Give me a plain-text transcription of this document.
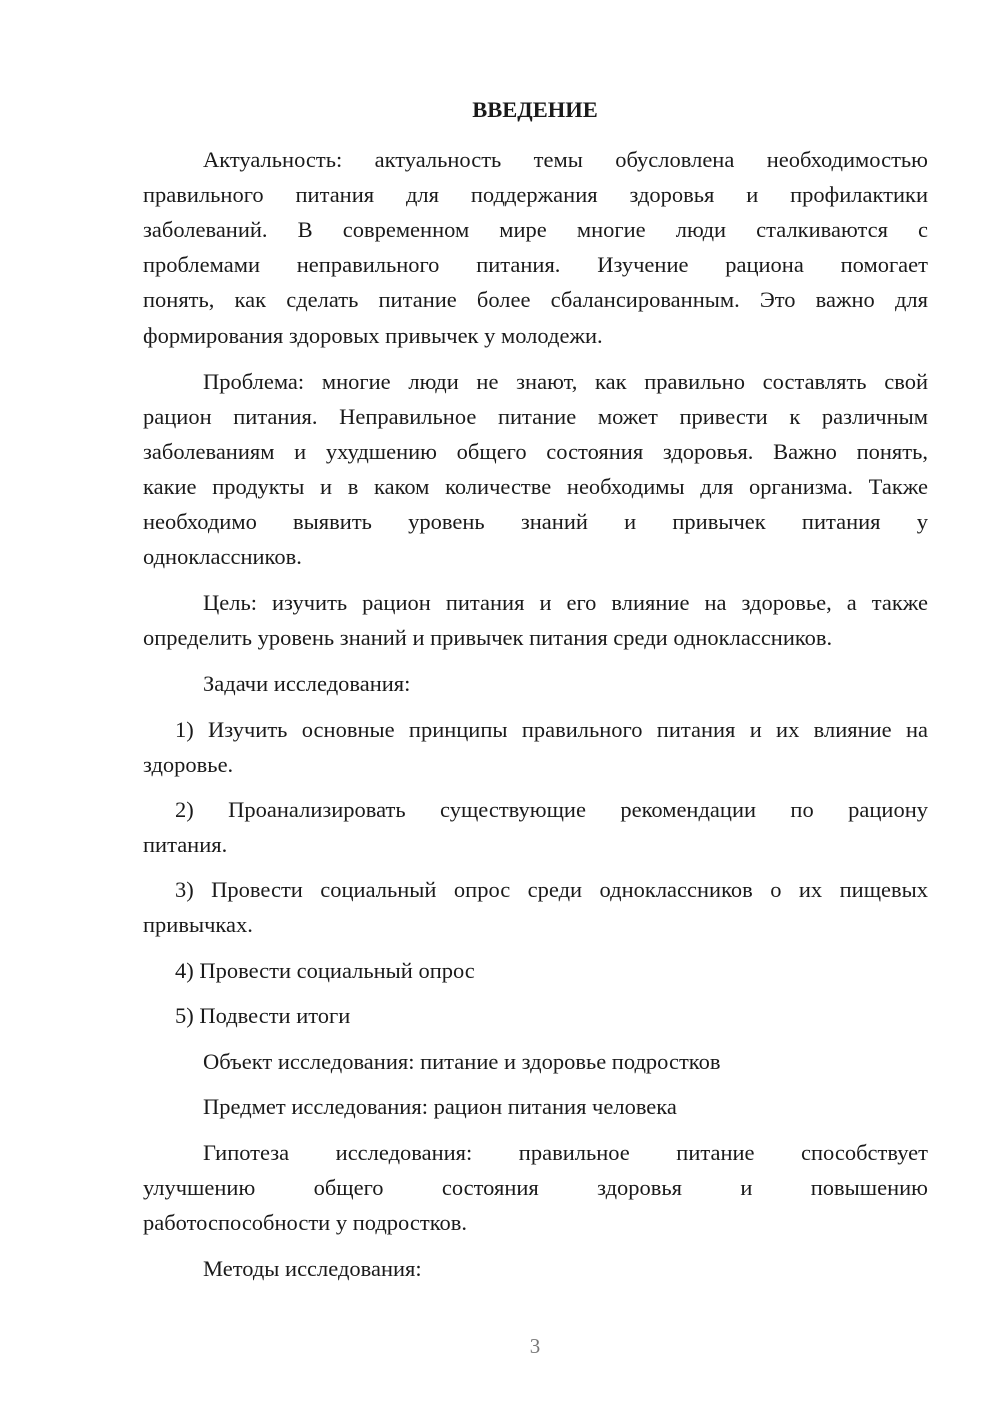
ВВЕДЕНИЕ
Актуальность: актуальность темы обусловлена необходимостью
правильного питания для поддержания здоровья и профилактики
заболеваний. В современном мире многие люди сталкиваются с
проблемами неправильного питания. Изучение рациона помогает
понять, как сделать питание более сбалансированным. Это важно для
формирования здоровых привычек у молодежи.
Проблема: многие люди не знают, как правильно составлять свой
рацион питания. Неправильное питание может привести к различным
заболеваниям и ухудшению общего состояния здоровья. Важно понять,
какие продукты и в каком количестве необходимы для организма. Также
необходимо выявить уровень знаний и привычек питания у
одноклассников.
Цель: изучить рацион питания и его влияние на здоровье, а также
определить уровень знаний и привычек питания среди одноклассников.
Задачи исследования:
1) Изучить основные принципы правильного питания и их влияние на
здоровье.
2) Проанализировать существующие рекомендации по рациону
питания.
3) Провести социальный опрос среди одноклассников о их пищевых
привычках.
4) Провести социальный опрос
5) Подвести итоги
Объект исследования: питание и здоровье подростков
Предмет исследования: рацион питания человека
Гипотеза исследования: правильное питание способствует
улучшению общего состояния здоровья и повышению
работоспособности у подростков.
Методы исследования:
3
